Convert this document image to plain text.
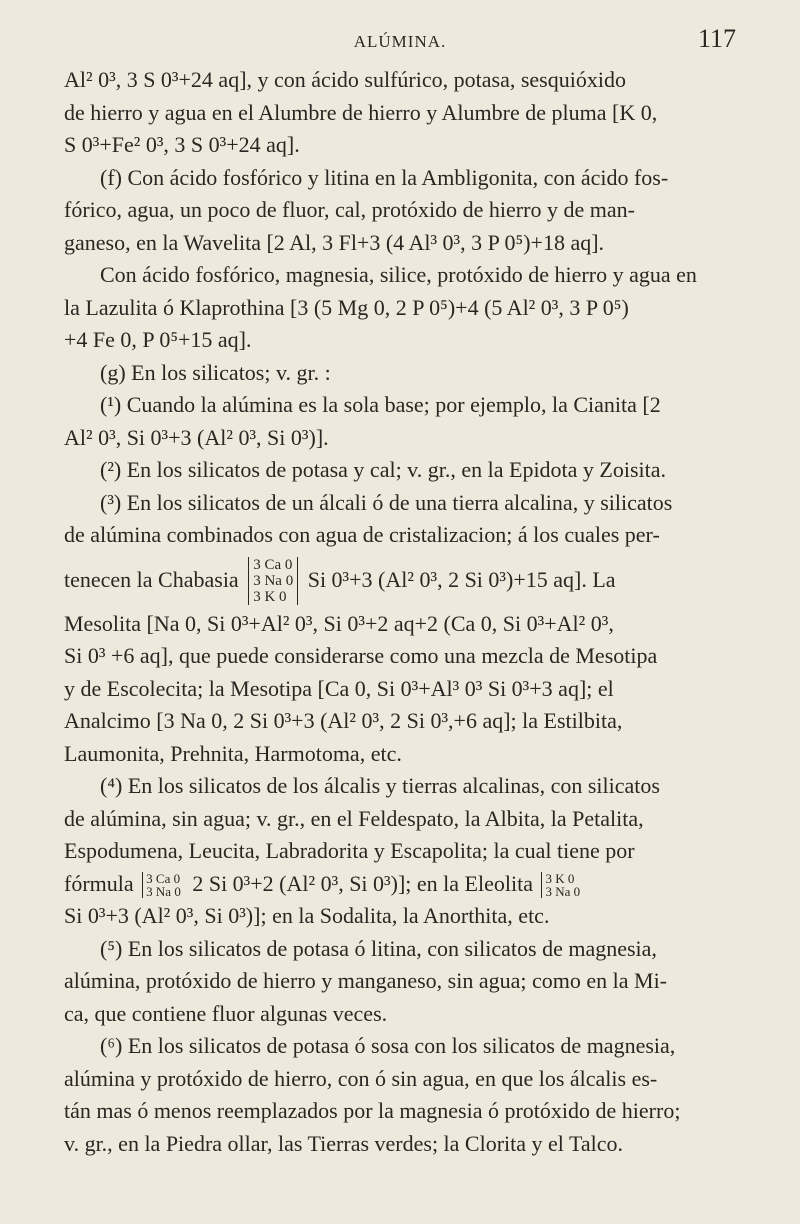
ALÚMINA.	117
Al² 0³, 3 S 0³+24 aq], y con ácido sulfúrico, potasa, sesquióxido
de hierro y agua en el Alumbre de hierro y Alumbre de pluma [K 0,
S 0³+Fe² 0³, 3 S 0³+24 aq].
(f) Con ácido fosfórico y litina en la Ambligonita, con ácido fos-
fórico, agua, un poco de fluor, cal, protóxido de hierro y de man-
ganeso, en la Wavelita [2 Al, 3 Fl+3 (4 Al³ 0³, 3 P 0⁵)+18 aq].
Con ácido fosfórico, magnesia, silice, protóxido de hierro y agua en
la Lazulita ó Klaprothina [3 (5 Mg 0, 2 P 0⁵)+4 (5 Al² 0³, 3 P 0⁵)
+4 Fe 0, P 0⁵+15 aq].
(g) En los silicatos; v. gr. :
(¹) Cuando la alúmina es la sola base; por ejemplo, la Cianita [2
Al² 0³, Si 0³+3 (Al² 0³, Si 0³)].
(²) En los silicatos de potasa y cal; v. gr., en la Epidota y Zoisita.
(³) En los silicatos de un álcali ó de una tierra alcalina, y silicatos
de alúmina combinados con agua de cristalizacion; á los cuales per-
tenecen la Chabasia
3 Ca 0
3 Na 0
3 K 0
Si 0³+3 (Al² 0³, 2 Si 0³)+15 aq]. La
Mesolita [Na 0, Si 0³+Al² 0³, Si 0³+2 aq+2 (Ca 0, Si 0³+Al² 0³,
Si 0³ +6 aq], que puede considerarse como una mezcla de Mesotipa
y de Escolecita; la Mesotipa [Ca 0, Si 0³+Al³ 0³ Si 0³+3 aq]; el
Analcimo [3 Na 0, 2 Si 0³+3 (Al² 0³, 2 Si 0³,+6 aq]; la Estilbita,
Laumonita, Prehnita, Harmotoma, etc.
(⁴) En los silicatos de los álcalis y tierras alcalinas, con silicatos
de alúmina, sin agua; v. gr., en el Feldespato, la Albita, la Petalita,
Espodumena, Leucita, Labradorita y Escapolita; la cual tiene por
fórmula 3 Ca 0
3 Na 0 2 Si 0³+2 (Al² 0³, Si 0³)]; en la Eleolita 3 K 0
3 Na 0
Si 0³+3 (Al² 0³, Si 0³)]; en la Sodalita, la Anorthita, etc.
(⁵) En los silicatos de potasa ó litina, con silicatos de magnesia,
alúmina, protóxido de hierro y manganeso, sin agua; como en la Mi-
ca, que contiene fluor algunas veces.
(⁶) En los silicatos de potasa ó sosa con los silicatos de magnesia,
alúmina y protóxido de hierro, con ó sin agua, en que los álcalis es-
tán mas ó menos reemplazados por la magnesia ó protóxido de hierro;
v. gr., en la Piedra ollar, las Tierras verdes; la Clorita y el Talco.
